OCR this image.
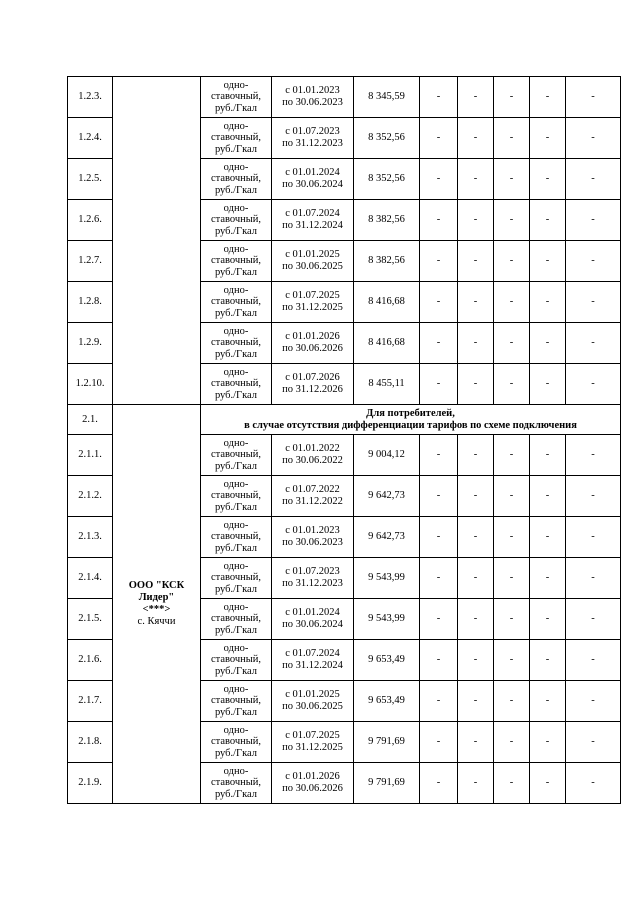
1.2.3.		одно-ставочный, руб./Гкал	с 01.01.2023
по 30.06.2023	8 345,59	-	-	-	-	-
1.2.4.		одно-ставочный, руб./Гкал	с 01.07.2023
по 31.12.2023	8 352,56	-	-	-	-	-
1.2.5.		одно-ставочный, руб./Гкал	с 01.01.2024
по 30.06.2024	8 352,56	-	-	-	-	-
1.2.6.		одно-ставочный, руб./Гкал	с 01.07.2024
по 31.12.2024	8 382,56	-	-	-	-	-
1.2.7.		одно-ставочный, руб./Гкал	с 01.01.2025
по 30.06.2025	8 382,56	-	-	-	-	-
1.2.8.		одно-ставочный, руб./Гкал	с 01.07.2025
по 31.12.2025	8 416,68	-	-	-	-	-
1.2.9.		одно-ставочный, руб./Гкал	с 01.01.2026
по 30.06.2026	8 416,68	-	-	-	-	-
1.2.10.		одно-ставочный, руб./Гкал	с 01.07.2026
по 31.12.2026	8 455,11	-	-	-	-	-
2.1.	ООО "КСК
Лидер"
<***>
с. Кяччи	Для потребителей,
в случае отсутствия дифференциации тарифов по схеме подключения							

2.1.1.		одно-ставочный, руб./Гкал	с 01.01.2022
по 30.06.2022	9 004,12	-	-	-	-	-
2.1.2.		одно-ставочный, руб./Гкал	с 01.07.2022
по 31.12.2022	9 642,73	-	-	-	-	-
2.1.3.		одно-ставочный, руб./Гкал	с 01.01.2023
по 30.06.2023	9 642,73	-	-	-	-	-
2.1.4.		одно-ставочный, руб./Гкал	с 01.07.2023
по 31.12.2023	9 543,99	-	-	-	-	-
2.1.5.		одно-ставочный, руб./Гкал	с 01.01.2024
по 30.06.2024	9 543,99	-	-	-	-	-
2.1.6.		одно-ставочный, руб./Гкал	с 01.07.2024
по 31.12.2024	9 653,49	-	-	-	-	-
2.1.7.		одно-ставочный, руб./Гкал	с 01.01.2025
по 30.06.2025	9 653,49	-	-	-	-	-
2.1.8.		одно-ставочный, руб./Гкал	с 01.07.2025
по 31.12.2025	9 791,69	-	-	-	-	-
2.1.9.		одно-ставочный, руб./Гкал	с 01.01.2026
по 30.06.2026	9 791,69	-	-	-	-	-
